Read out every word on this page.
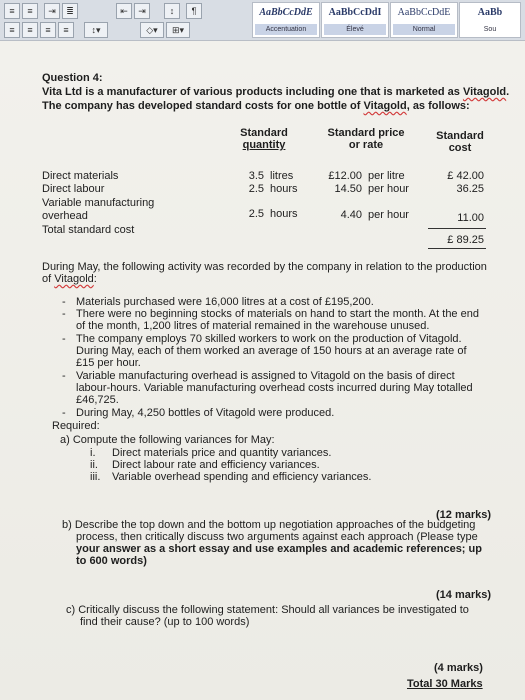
≡	≡	⇥	≣	⇤	⇥	↕	¶
≡	≡	≡	≡	↕▾	◇▾	⊞▾
AaBbCcDdE
Accentuation
AaBbCcDdI
Élevé
AaBbCcDdE
Normal
AaBb
Sou
Question 4:
Vita Ltd is a manufacturer of various products including one that is marketed as Vitagold.
The company has developed standard costs for one bottle of Vitagold, as follows:
Standard
quantity
Standard price
or rate
Standard
cost
Direct materials	3.5 litres	£12.00 per litre	£ 42.00
Direct labour	2.5 hours	14.50 per hour	36.25
Variable manufacturing
overhead	2.5 hours	4.40 per hour	11.00
Total standard cost
£ 89.25
During May, the following activity was recorded by the company in relation to the production
of Vitagold:
- Materials purchased were 16,000 litres at a cost of £195,200.
- There were no beginning stocks of materials on hand to start the month. At the end
of the month, 1,200 litres of material remained in the warehouse unused.
- The company employs 70 skilled workers to work on the production of Vitagold.
During May, each of them worked an average of 150 hours at an average rate of
£15 per hour.
- Variable manufacturing overhead is assigned to Vitagold on the basis of direct
labour-hours. Variable manufacturing overhead costs incurred during May totalled
£46,725.
- During May, 4,250 bottles of Vitagold were produced.
Required:
a) Compute the following variances for May:
i. Direct materials price and quantity variances.
ii. Direct labour rate and efficiency variances.
iii. Variable overhead spending and efficiency variances.
(12 marks)
b) Describe the top down and the bottom up negotiation approaches of the budgeting
process, then critically discuss two arguments against each approach (Please type
your answer as a short essay and use examples and academic references; up
to 600 words)
(14 marks)
c) Critically discuss the following statement: Should all variances be investigated to
find their cause? (up to 100 words)
(4 marks)
Total 30 Marks
